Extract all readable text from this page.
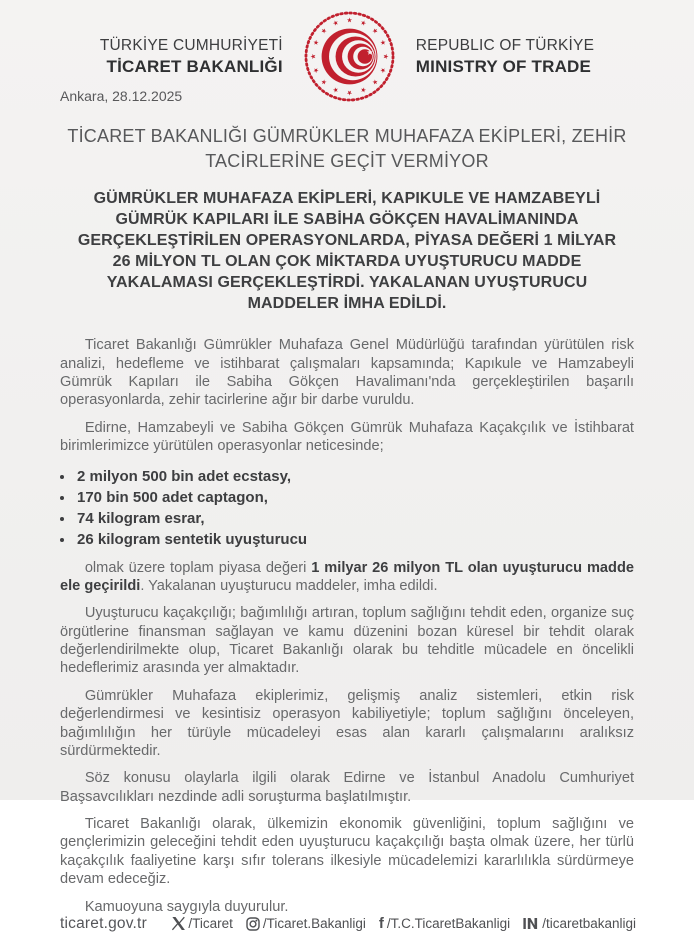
TÜRKİYE CUMHURİYETİ
TİCARET BAKANLIĞI
REPUBLIC OF TÜRKİYE
MINISTRY OF TRADE
Ankara, 28.12.2025
TİCARET BAKANLIĞI GÜMRÜKLER MUHAFAZA EKİPLERİ, ZEHİR TACİRLERİNE GEÇİT VERMİYOR
GÜMRÜKLER MUHAFAZA EKİPLERİ, KAPIKULE VE HAMZABEYLİ GÜMRÜK KAPILARI İLE SABİHA GÖKÇEN HAVALİMANINDA GERÇEKLEŞTİRİLEN OPERASYONLARDA, PİYASA DEĞERİ 1 MİLYAR 26 MİLYON TL OLAN ÇOK MİKTARDA UYUŞTURUCU MADDE YAKALAMASI GERÇEKLEŞTİRDİ. YAKALANAN UYUŞTURUCU MADDELER İMHA EDİLDİ.

Ticaret Bakanlığı Gümrükler Muhafaza Genel Müdürlüğü tarafından yürütülen risk analizi, hedefleme ve istihbarat çalışmaları kapsamında; Kapıkule ve Hamzabeyli Gümrük Kapıları ile Sabiha Gökçen Havalimanı'nda gerçekleştirilen başarılı operasyonlarda, zehir tacirlerine ağır bir darbe vuruldu.

Edirne, Hamzabeyli ve Sabiha Gökçen Gümrük Muhafaza Kaçakçılık ve İstihbarat birimlerimizce yürütülen operasyonlar neticesinde;

• 2 milyon 500 bin adet ecstasy,
• 170 bin 500 adet captagon,
• 74 kilogram esrar,
• 26 kilogram sentetik uyuşturucu

olmak üzere toplam piyasa değeri 1 milyar 26 milyon TL olan uyuşturucu madde ele geçirildi. Yakalanan uyuşturucu maddeler, imha edildi.

Uyuşturucu kaçakçılığı; bağımlılığı artıran, toplum sağlığını tehdit eden, organize suç örgütlerine finansman sağlayan ve kamu düzenini bozan küresel bir tehdit olarak değerlendirilmekte olup, Ticaret Bakanlığı olarak bu tehditle mücadele en öncelikli hedeflerimiz arasında yer almaktadır.

Gümrükler Muhafaza ekiplerimiz, gelişmiş analiz sistemleri, etkin risk değerlendirmesi ve kesintisiz operasyon kabiliyetiyle; toplum sağlığını önceleyen, bağımlılığın her türüyle mücadeleyi esas alan kararlı çalışmalarını aralıksız sürdürmektedir.

Söz konusu olaylarla ilgili olarak Edirne ve İstanbul Anadolu Cumhuriyet Başsavcılıkları nezdinde adli soruşturma başlatılmıştır.

Ticaret Bakanlığı olarak, ülkemizin ekonomik güvenliğini, toplum sağlığını ve gençlerimizin geleceğini tehdit eden uyuşturucu kaçakçılığı başta olmak üzere, her türlü kaçakçılık faaliyetine karşı sıfır tolerans ilkesiyle mücadelemizi kararlılıkla sürdürmeye devam edeceğiz.

Kamuoyuna saygıyla duyurulur.

ticaret.gov.tr	/Ticaret /Ticaret.Bakanligi f /T.C.TicaretBakanligi /ticaretbakanligi
